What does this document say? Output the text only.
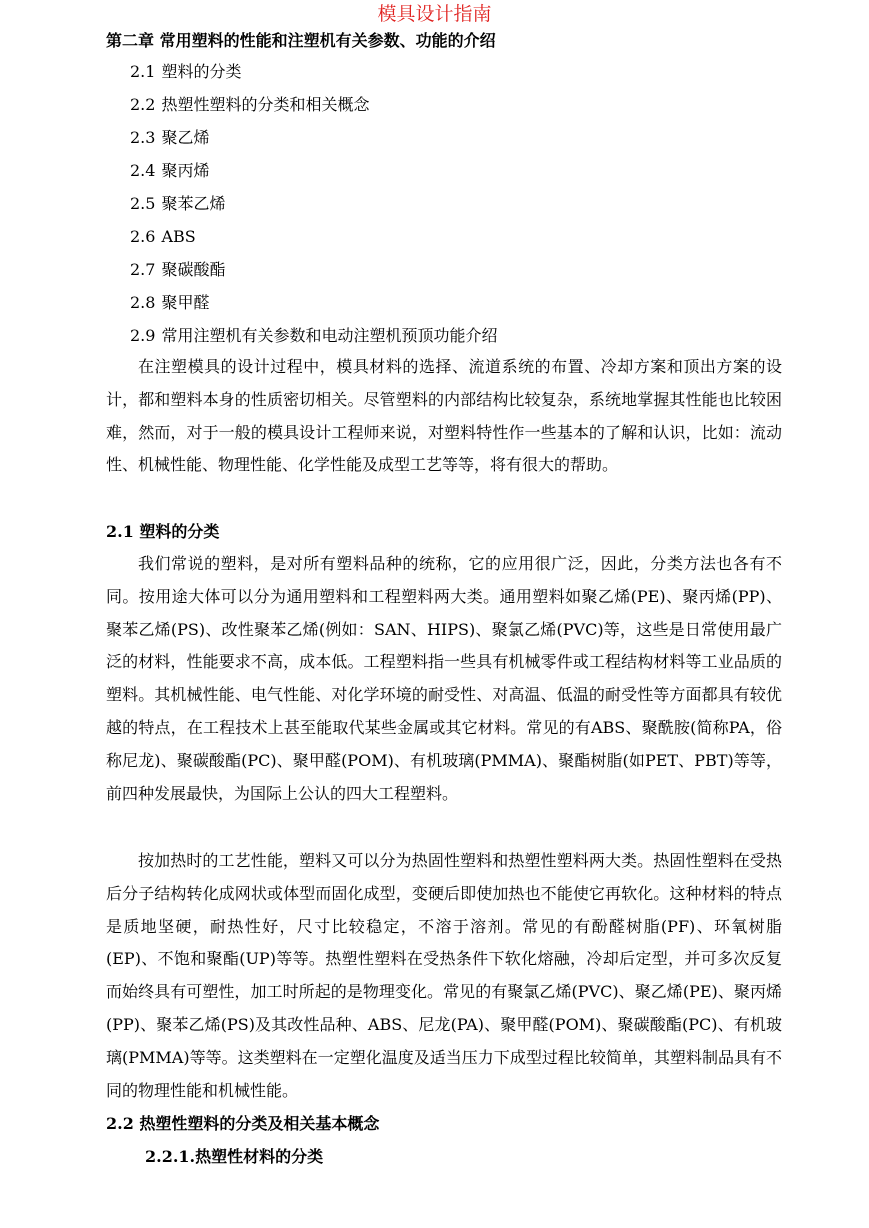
模具设计指南
第二章 常用塑料的性能和注塑机有关参数、功能的介绍
2.1 塑料的分类
2.2 热塑性塑料的分类和相关概念
2.3 聚乙烯
2.4 聚丙烯
2.5 聚苯乙烯
2.6 ABS
2.7 聚碳酸酯
2.8 聚甲醛
2.9 常用注塑机有关参数和电动注塑机预顶功能介绍

在注塑模具的设计过程中，模具材料的选择、流道系统的布置、冷却方案和顶出方案的设计，都和塑料本身的性质密切相关。尽管塑料的内部结构比较复杂，系统地掌握其性能也比较困难，然而，对于一般的模具设计工程师来说，对塑料特性作一些基本的了解和认识，比如：流动性、机械性能、物理性能、化学性能及成型工艺等等，将有很大的帮助。

2.1 塑料的分类

我们常说的塑料，是对所有塑料品种的统称，它的应用很广泛，因此，分类方法也各有不同。按用途大体可以分为通用塑料和工程塑料两大类。通用塑料如聚乙烯(PE)、聚丙烯(PP)、聚苯乙烯(PS)、改性聚苯乙烯(例如：SAN、HIPS)、聚氯乙烯(PVC)等，这些是日常使用最广泛的材料，性能要求不高，成本低。工程塑料指一些具有机械零件或工程结构材料等工业品质的塑料。其机械性能、电气性能、对化学环境的耐受性、对高温、低温的耐受性等方面都具有较优越的特点，在工程技术上甚至能取代某些金属或其它材料。常见的有ABS、聚酰胺(简称PA，俗称尼龙)、聚碳酸酯(PC)、聚甲醛(POM)、有机玻璃(PMMA)、聚酯树脂(如PET、PBT)等等，前四种发展最快，为国际上公认的四大工程塑料。

按加热时的工艺性能，塑料又可以分为热固性塑料和热塑性塑料两大类。热固性塑料在受热后分子结构转化成网状或体型而固化成型，变硬后即使加热也不能使它再软化。这种材料的特点是质地坚硬，耐热性好，尺寸比较稳定，不溶于溶剂。常见的有酚醛树脂(PF)、环氧树脂(EP)、不饱和聚酯(UP)等等。热塑性塑料在受热条件下软化熔融，冷却后定型，并可多次反复而始终具有可塑性，加工时所起的是物理变化。常见的有聚氯乙烯(PVC)、聚乙烯(PE)、聚丙烯(PP)、聚苯乙烯(PS)及其改性品种、ABS、尼龙(PA)、聚甲醛(POM)、聚碳酸酯(PC)、有机玻璃(PMMA)等等。这类塑料在一定塑化温度及适当压力下成型过程比较简单，其塑料制品具有不同的物理性能和机械性能。

2.2 热塑性塑料的分类及相关基本概念
2.2.1.热塑性材料的分类
